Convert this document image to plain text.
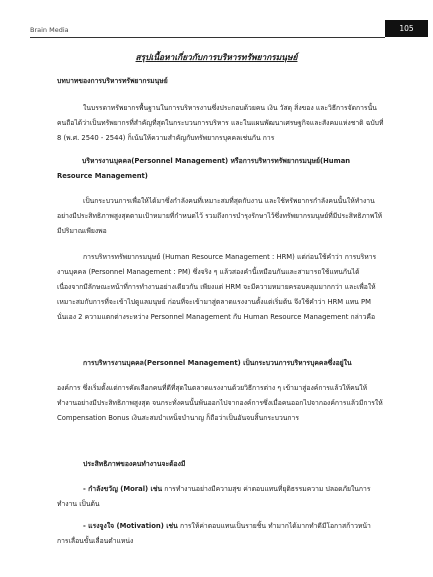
Brain Media	105
สรุปเนื้อหาเกี่ยวกับการบริหารทรัพยากรมนุษย์

บทบาทของการบริหารทรัพยากรมนุษย์

ในบรรดาทรัพยากรพื้นฐานในการบริหารงานซึ่งประกอบด้วยคน เงิน วัสดุ สิ่งของ และวิธีการจัดการนั้น คนถือได้ว่าเป็นทรัพยากรที่สำคัญที่สุดในกระบวนการบริหาร และในแผนพัฒนาเศรษฐกิจและสังคมแห่งชาติ ฉบับที่ 8 (พ.ศ. 2540 - 2544) ก็เน้นให้ความสำคัญกับทรัพยากรบุคคลเช่นกัน การ

บริหารงานบุคคล(Personnel Management) หรือการบริหารทรัพยากรมนุษย์(Human Resource Management)

เป็นกระบวนการเพื่อให้ได้มาซึ่งกำลังคนที่เหมาะสมที่สุดกับงาน และใช้ทรัพยากรกำลังคนนั้นให้ทำงานอย่างมีประสิทธิภาพสูงสุดตามเป้าหมายที่กำหนดไว้ รวมถึงการบำรุงรักษาไว้ซึ่งทรัพยากรมนุษย์ที่มีประสิทธิภาพให้มีปริมาณเพียงพอ

การบริหารทรัพยากรมนุษย์ (Human Resource Management : HRM) แต่ก่อนใช้คำว่า การบริหารงานบุคคล (Personnel Management : PM) ซึ่งจริง ๆ แล้วสองคำนี้เหมือนกันและสามารถใช้แทนกันได้ เนื่องจากมีลักษณะหน้าที่การทำงานอย่างเดียวกัน เพียงแต่ HRM จะมีความหมายครอบคลุมมากกว่า และเพื่อให้เหมาะสมกับการที่จะเข้าไปดูแลมนุษย์ ก่อนที่จะเข้ามาสู่ตลาดแรงงานตั้งแต่เริ่มต้น จึงใช้คำว่า HRM แทน PM นั่นเอง 2 ความแตกต่างระหว่าง Personnel Management กับ Human Resource Management กล่าวคือ

การบริหารงานบุคคล(Personnel Management) เป็นกระบวนการบริหารบุคคลซึ่งอยู่ใน

องค์การ ซึ่งเริ่มตั้งแต่การคัดเลือกคนที่ดีที่สุดในตลาดแรงงานด้วยวิธีการต่าง ๆ เข้ามาสู่องค์การแล้วให้คนให้ทำงานอย่างมีประสิทธิภาพสูงสุด จนกระทั่งคนนั้นพ้นออกไปจากองค์การซึ่งเมื่อคนออกไปจากองค์การแล้วมีการให้ Compensation Bonus เงินสะสมบำเหน็จบำนาญ ก็ถือว่าเป็นอันจบสิ้นกระบวนการ

ประสิทธิภาพของคนทำงานจะต้องมี

- กำลังขวัญ (Moral) เช่น การทำงานอย่างมีความสุข ค่าตอบแทนที่ยุติธรรมความ ปลอดภัยในการทำงาน เป็นต้น

- แรงจูงใจ (Motivation) เช่น การให้ค่าตอบแทนเป็นรายชิ้น ทำมากได้มากทำดีมีโอกาสก้าวหน้า การเลื่อนขั้นเลื่อนตำแหน่ง
